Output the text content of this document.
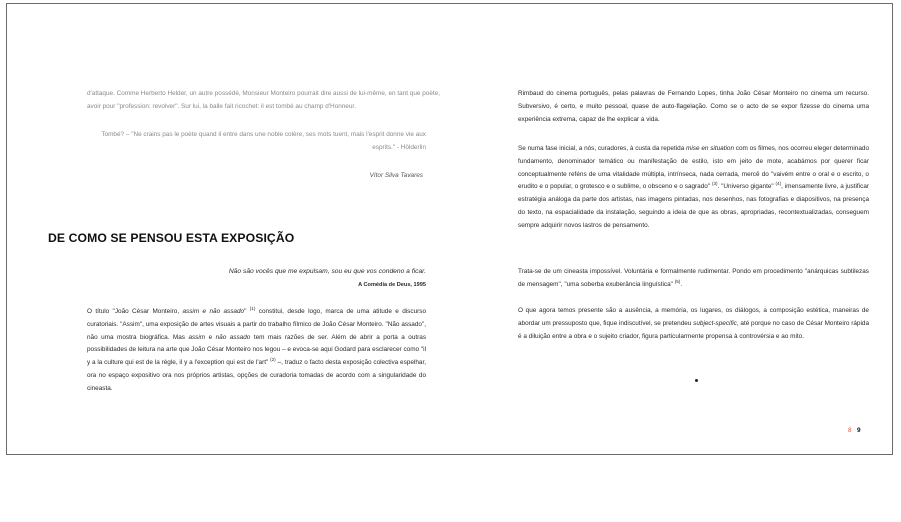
d'attaque. Comme Herberto Helder, un autre possédé, Monsieur Monteiro pourrait dire aussi de lui-même, en tant que poète, avoir pour "profession: revolver". Sur lui, la balle fait ricochet: il est tombé au champ d'Honneur.

Tombé? – "Ne crains pas le poète quand il entre dans une noble colère, ses mots tuent, mais l'esprit donne vie aux esprits." - Hölderlin

Vítor Silva Tavares
DE COMO SE PENSOU ESTA EXPOSIÇÃO
Não são vocês que me expulsam, sou eu que vos condeno a ficar.
A Comédia de Deus, 1995

O título "João César Monteiro, assim e não assado" $^{(1)}$ constitui, desde logo, marca de uma atitude e discurso curatoriais. "Assim", uma exposição de artes visuais a partir do trabalho fílmico de João César Monteiro. "Não assado", não uma mostra biográfica. Mas assim e não assado tem mais razões de ser. Além de abrir a porta a outras possibilidades de leitura na arte que João César Monteiro nos legou – e evoca-se aqui Godard para esclarecer como "il y a la culture qui est de la règle, il y a l'exception qui est de l'art" $^{(2)}$ –, traduz o facto desta exposição colectiva espelhar, ora no espaço expositivo ora nos próprios artistas, opções de curadoria tomadas de acordo com a singularidade do cineasta.

Rimbaud do cinema português, pelas palavras de Fernando Lopes, tinha João César Monteiro no cinema um recurso. Subversivo, é certo, e muito pessoal, quase de auto-flagelação. Como se o acto de se expor fizesse do cinema uma experiência extrema, capaz de lhe explicar a vida.

Se numa fase inicial, a nós, curadores, à custa da repetida mise en situation com os filmes, nos ocorreu eleger determinado fundamento, denominador temático ou manifestação de estilo, isto em jeito de mote, acabámos por querer ficar conceptualmente reféns de uma vitalidade múltipla, intrínseca, nada cerrada, mercê do "vaivém entre o oral e o escrito, o erudito e o popular, o grotesco e o sublime, o obsceno e o sagrado" $^{(3)}$. "Universo gigante" $^{(4)}$, imensamente livre, a justificar estratégia análoga da parte dos artistas, nas imagens pintadas, nos desenhos, nas fotografias e diapositivos, na presença do texto, na espacialidade da instalação, seguindo a ideia de que as obras, apropriadas, recontextualizadas, conseguem sempre adquirir novos lastros de pensamento.

Trata-se de um cineasta impossível. Voluntária e formalmente rudimentar. Pondo em procedimento "anárquicas subtilezas de mensagem", "uma soberba exuberância linguística" $^{(5)}$.

O que agora temos presente são a ausência, a memória, os lugares, os diálogos, a composição estética, maneiras de abordar um pressuposto que, fique indiscutível, se pretendeu subject-specific, até porque no caso de César Monteiro rápida é a diluição entre a obra e o sujeito criador, figura particularmente propensa à controvérsia e ao mito.

8 9
